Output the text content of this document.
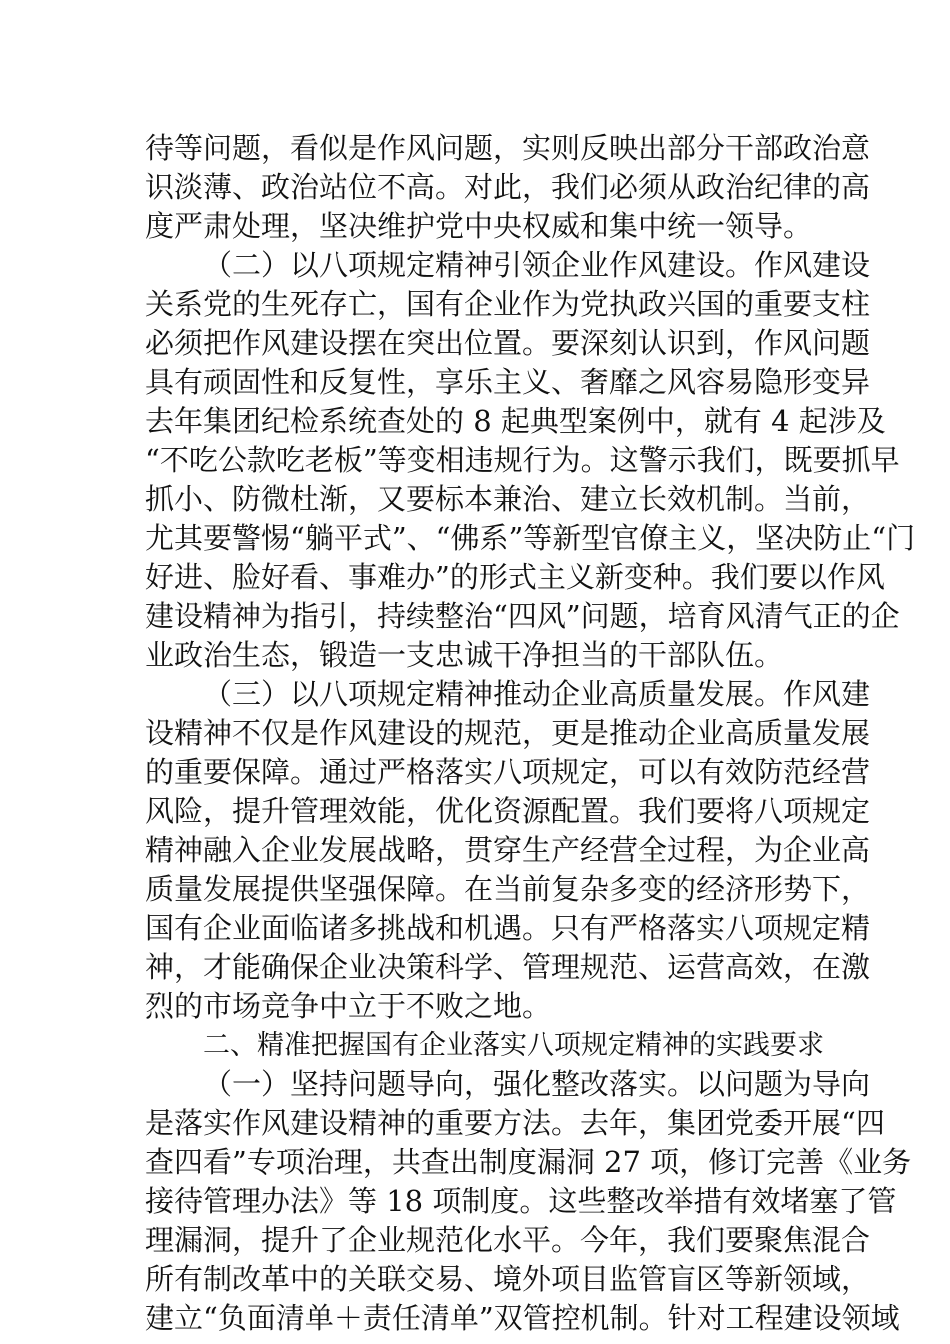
待等问题，看似是作风问题，实则反映出部分干部政治意
识淡薄、政治站位不高。对此，我们必须从政治纪律的高
度严肃处理，坚决维护党中央权威和集中统一领导。
（二）以八项规定精神引领企业作风建设。作风建设
关系党的生死存亡，国有企业作为党执政兴国的重要支柱
必须把作风建设摆在突出位置。要深刻认识到，作风问题
具有顽固性和反复性，享乐主义、奢靡之风容易隐形变异
去年集团纪检系统查处的 8 起典型案例中，就有 4 起涉及
“不吃公款吃老板”等变相违规行为。这警示我们，既要抓早
抓小、防微杜渐，又要标本兼治、建立长效机制。当前，
尤其要警惕“躺平式”、“佛系”等新型官僚主义，坚决防止“门
好进、脸好看、事难办”的形式主义新变种。我们要以作风
建设精神为指引，持续整治“四风”问题，培育风清气正的企
业政治生态，锻造一支忠诚干净担当的干部队伍。
（三）以八项规定精神推动企业高质量发展。作风建
设精神不仅是作风建设的规范，更是推动企业高质量发展
的重要保障。通过严格落实八项规定，可以有效防范经营
风险，提升管理效能，优化资源配置。我们要将八项规定
精神融入企业发展战略，贯穿生产经营全过程，为企业高
质量发展提供坚强保障。在当前复杂多变的经济形势下，
国有企业面临诸多挑战和机遇。只有严格落实八项规定精
神，才能确保企业决策科学、管理规范、运营高效，在激
烈的市场竞争中立于不败之地。
二、精准把握国有企业落实八项规定精神的实践要求
（一）坚持问题导向，强化整改落实。以问题为导向
是落实作风建设精神的重要方法。去年，集团党委开展“四
查四看”专项治理，共查出制度漏洞 27 项，修订完善《业务
接待管理办法》等 18 项制度。这些整改举措有效堵塞了管
理漏洞，提升了企业规范化水平。今年，我们要聚焦混合
所有制改革中的关联交易、境外项目监管盲区等新领域，
建立“负面清单＋责任清单”双管控机制。针对工程建设领域
